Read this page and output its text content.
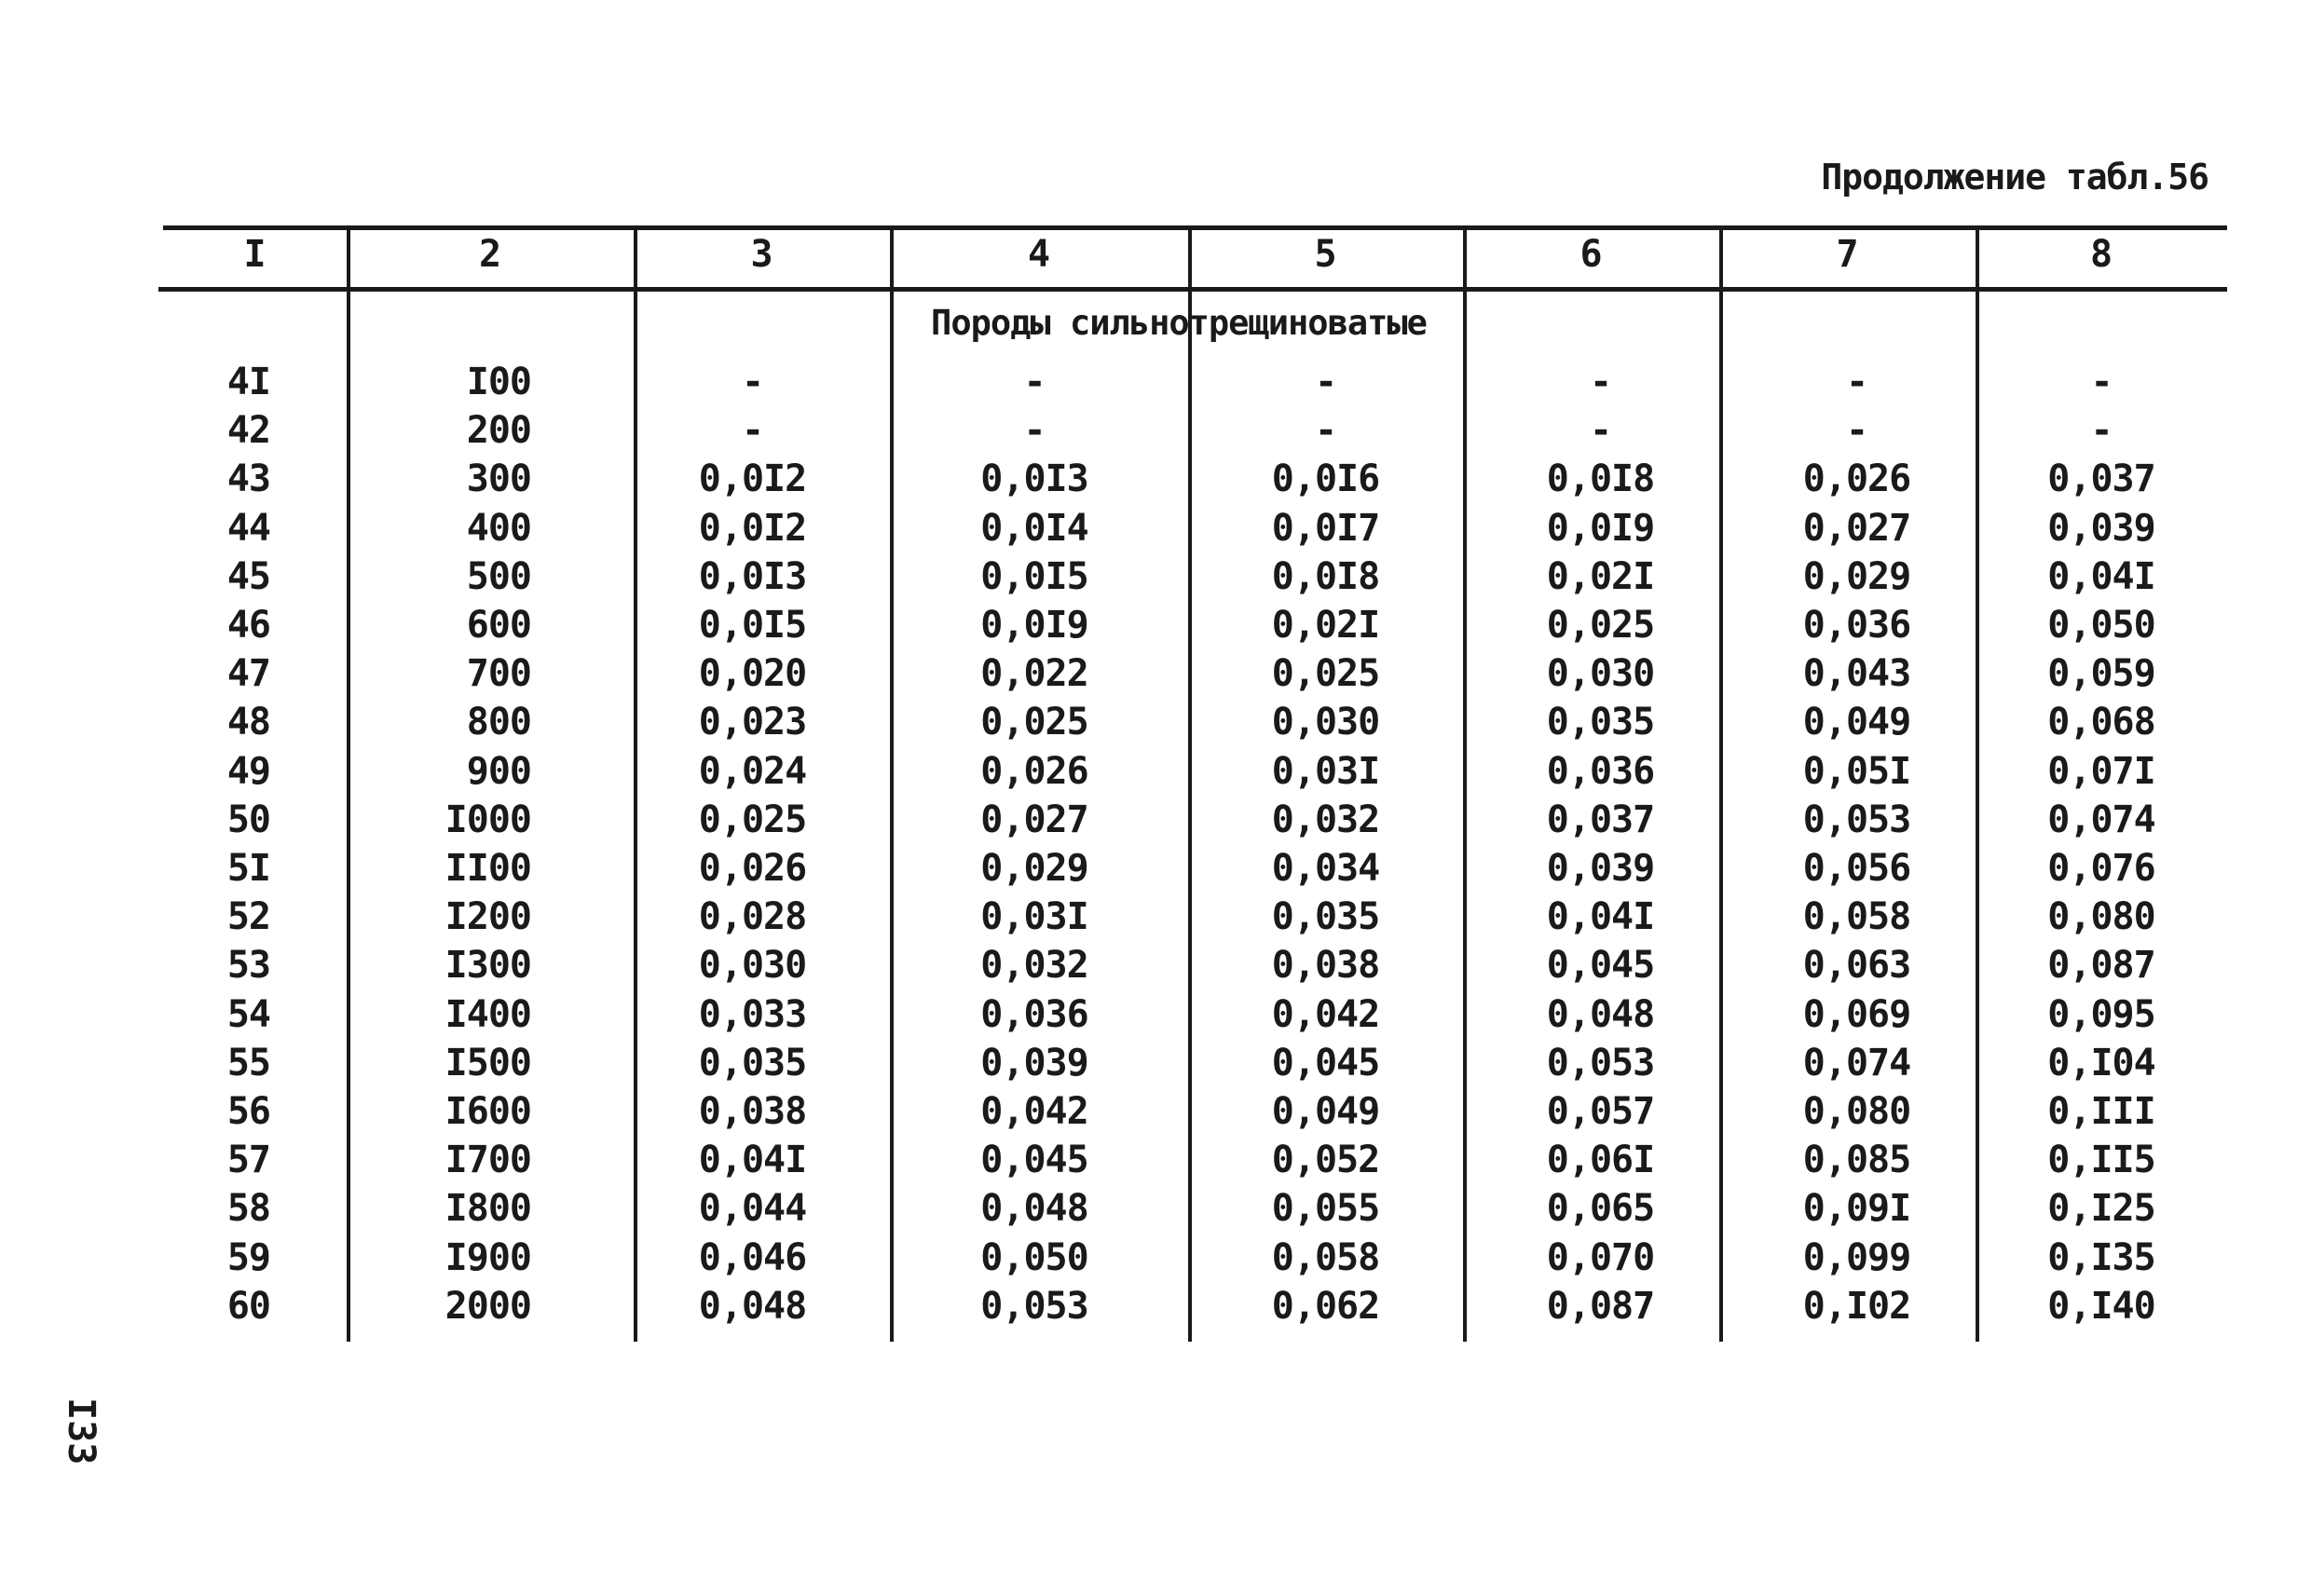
Продолжение табл.56
I	2	3	4	5	6	7	8
Породы сильнотрещиноватые
4I	I00	-	-	-	-	-	-
42	200	-	-	-	-	-	-
43	300	0,0I2	0,0I3	0,0I6	0,0I8	0,026	0,037
44	400	0,0I2	0,0I4	0,0I7	0,0I9	0,027	0,039
45	500	0,0I3	0,0I5	0,0I8	0,02I	0,029	0,04I
46	600	0,0I5	0,0I9	0,02I	0,025	0,036	0,050
47	700	0,020	0,022	0,025	0,030	0,043	0,059
48	800	0,023	0,025	0,030	0,035	0,049	0,068
49	900	0,024	0,026	0,03I	0,036	0,05I	0,07I
50	I000	0,025	0,027	0,032	0,037	0,053	0,074
5I	II00	0,026	0,029	0,034	0,039	0,056	0,076
52	I200	0,028	0,03I	0,035	0,04I	0,058	0,080
53	I300	0,030	0,032	0,038	0,045	0,063	0,087
54	I400	0,033	0,036	0,042	0,048	0,069	0,095
55	I500	0,035	0,039	0,045	0,053	0,074	0,I04
56	I600	0,038	0,042	0,049	0,057	0,080	0,III
57	I700	0,04I	0,045	0,052	0,06I	0,085	0,II5
58	I800	0,044	0,048	0,055	0,065	0,09I	0,I25
59	I900	0,046	0,050	0,058	0,070	0,099	0,I35
60	2000	0,048	0,053	0,062	0,087	0,I02	0,I40
I33
